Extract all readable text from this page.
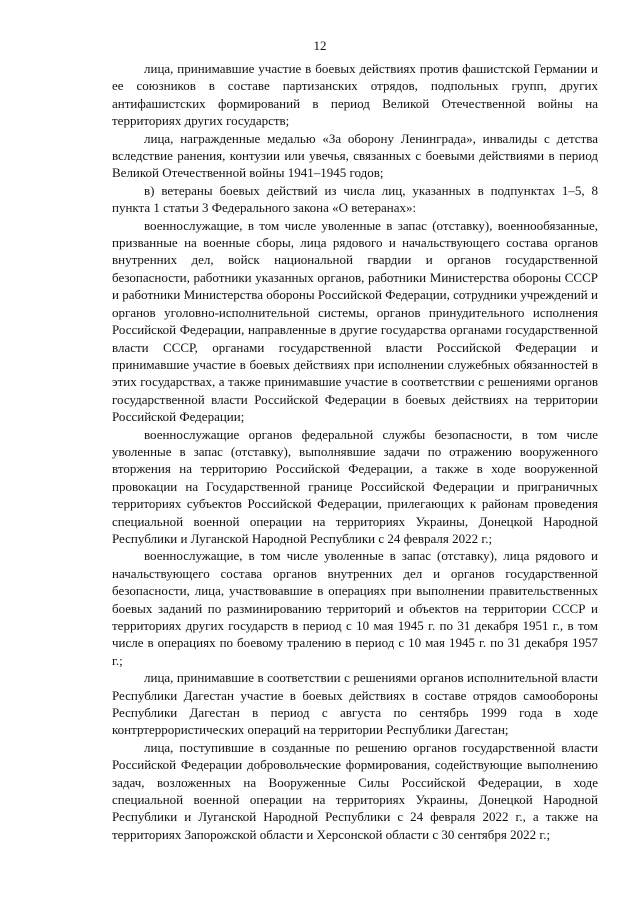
12

лица, принимавшие участие в боевых действиях против фашистской Германии и ее союзников в составе партизанских отрядов, подпольных групп, других антифашистских формирований в период Великой Отечественной войны на территориях других государств;

лица, награжденные медалью «За оборону Ленинграда», инвалиды с детства вследствие ранения, контузии или увечья, связанных с боевыми действиями в период Великой Отечественной войны 1941–1945 годов;

в) ветераны боевых действий из числа лиц, указанных в подпунктах 1–5, 8 пункта 1 статьи 3 Федерального закона «О ветеранах»:

военнослужащие, в том числе уволенные в запас (отставку), военнообязанные, призванные на военные сборы, лица рядового и начальствующего состава органов внутренних дел, войск национальной гвардии и органов государственной безопасности, работники указанных органов, работники Министерства обороны СССР и работники Министерства обороны Российской Федерации, сотрудники учреждений и органов уголовно-исполнительной системы, органов принудительного исполнения Российской Федерации, направленные в другие государства органами государственной власти СССР, органами государственной власти Российской Федерации и принимавшие участие в боевых действиях при исполнении служебных обязанностей в этих государствах, а также принимавшие участие в соответствии с решениями органов государственной власти Российской Федерации в боевых действиях на территории Российской Федерации;

военнослужащие органов федеральной службы безопасности, в том числе уволенные в запас (отставку), выполнявшие задачи по отражению вооруженного вторжения на территорию Российской Федерации, а также в ходе вооруженной провокации на Государственной границе Российской Федерации и приграничных территориях субъектов Российской Федерации, прилегающих к районам проведения специальной военной операции на территориях Украины, Донецкой Народной Республики и Луганской Народной Республики с 24 февраля 2022 г.;

военнослужащие, в том числе уволенные в запас (отставку), лица рядового и начальствующего состава органов внутренних дел и органов государственной безопасности, лица, участвовавшие в операциях при выполнении правительственных боевых заданий по разминированию территорий и объектов на территории СССР и территориях других государств в период с 10 мая 1945 г. по 31 декабря 1951 г., в том числе в операциях по боевому тралению в период с 10 мая 1945 г. по 31 декабря 1957 г.;

лица, принимавшие в соответствии с решениями органов исполнительной власти Республики Дагестан участие в боевых действиях в составе отрядов самообороны Республики Дагестан в период с августа по сентябрь 1999 года в ходе контртеррористических операций на территории Республики Дагестан;

лица, поступившие в созданные по решению органов государственной власти Российской Федерации добровольческие формирования, содействующие выполнению задач, возложенных на Вооруженные Силы Российской Федерации, в ходе специальной военной операции на территориях Украины, Донецкой Народной Республики и Луганской Народной Республики с 24 февраля 2022 г., а также на территориях Запорожской области и Херсонской области с 30 сентября 2022 г.;
